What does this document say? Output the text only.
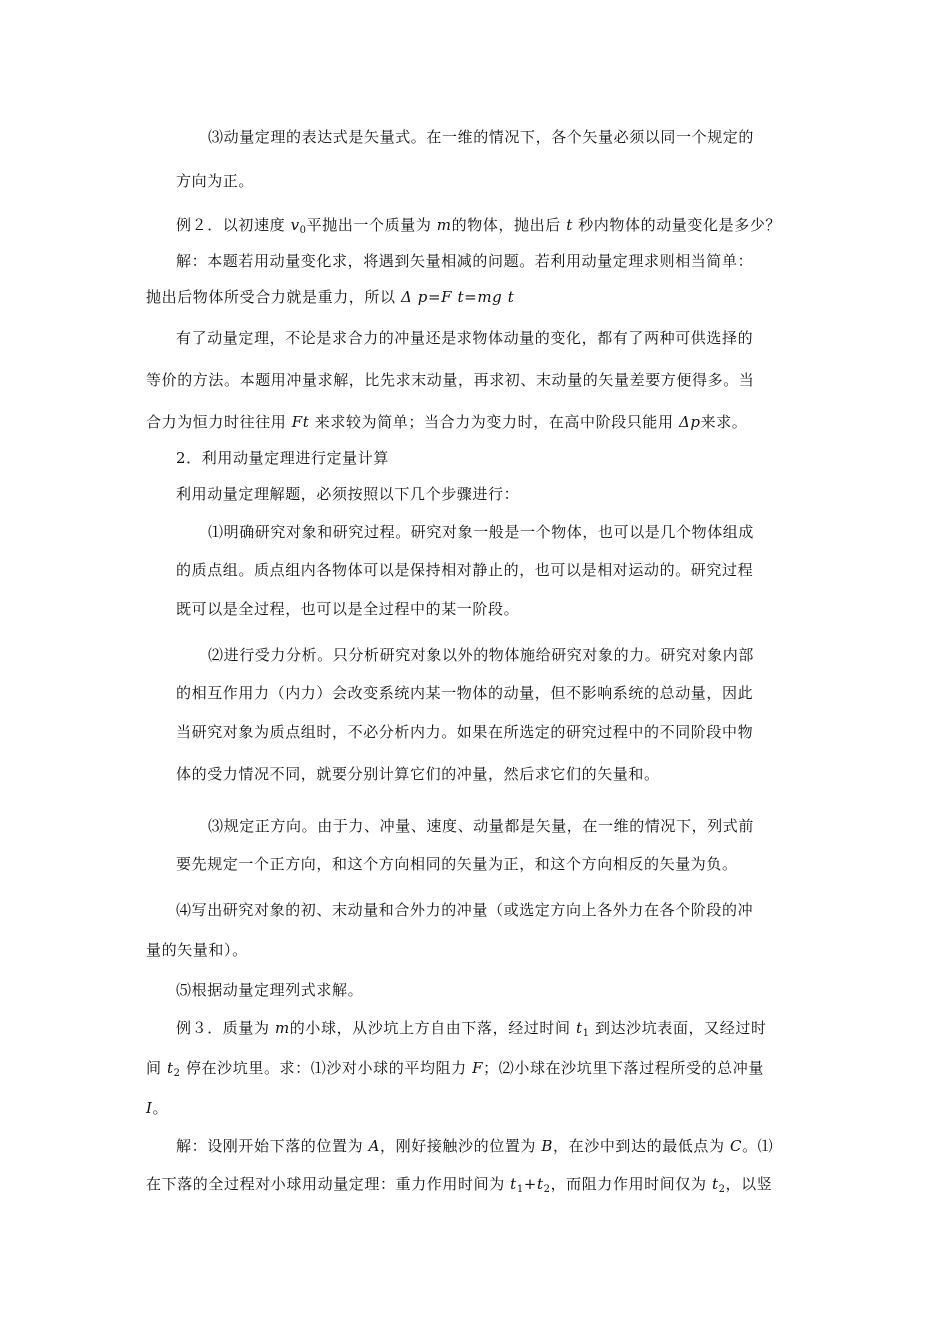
⑶动量定理的表达式是矢量式。在一维的情况下，各个矢量必须以同一个规定的
方向为正。
例２．以初速度 $v_0$平抛出一个质量为 m的物体，抛出后 t 秒内物体的动量变化是多少？
解：本题若用动量变化求，将遇到矢量相减的问题。若利用动量定理求则相当简单：
抛出后物体所受合力就是重力，所以 Δ p=F t=mg t
有了动量定理，不论是求合力的冲量还是求物体动量的变化，都有了两种可供选择的
等价的方法。本题用冲量求解，比先求末动量，再求初、末动量的矢量差要方便得多。当
合力为恒力时往往用 Ft 来求较为简单；当合力为变力时，在高中阶段只能用 Δp来求。
2．利用动量定理进行定量计算
利用动量定理解题，必须按照以下几个步骤进行：
⑴明确研究对象和研究过程。研究对象一般是一个物体，也可以是几个物体组成
的质点组。质点组内各物体可以是保持相对静止的，也可以是相对运动的。研究过程
既可以是全过程，也可以是全过程中的某一阶段。
⑵进行受力分析。只分析研究对象以外的物体施给研究对象的力。研究对象内部
的相互作用力（内力）会改变系统内某一物体的动量，但不影响系统的总动量，因此
当研究对象为质点组时，不必分析内力。如果在所选定的研究过程中的不同阶段中物
体的受力情况不同，就要分别计算它们的冲量，然后求它们的矢量和。
⑶规定正方向。由于力、冲量、速度、动量都是矢量，在一维的情况下，列式前
要先规定一个正方向，和这个方向相同的矢量为正，和这个方向相反的矢量为负。
⑷写出研究对象的初、末动量和合外力的冲量（或选定方向上各外力在各个阶段的冲
量的矢量和）。
⑸根据动量定理列式求解。
例３．质量为 m的小球，从沙坑上方自由下落，经过时间 $t_1$ 到达沙坑表面，又经过时
间 $t_2$ 停在沙坑里。求：⑴沙对小球的平均阻力 F；⑵小球在沙坑里下落过程所受的总冲量
I。
解：设刚开始下落的位置为 A，刚好接触沙的位置为 B，在沙中到达的最低点为 C。⑴
在下落的全过程对小球用动量定理：重力作用时间为 $t_1+t_2$，而阻力作用时间仅为 $t_2$，以竖
